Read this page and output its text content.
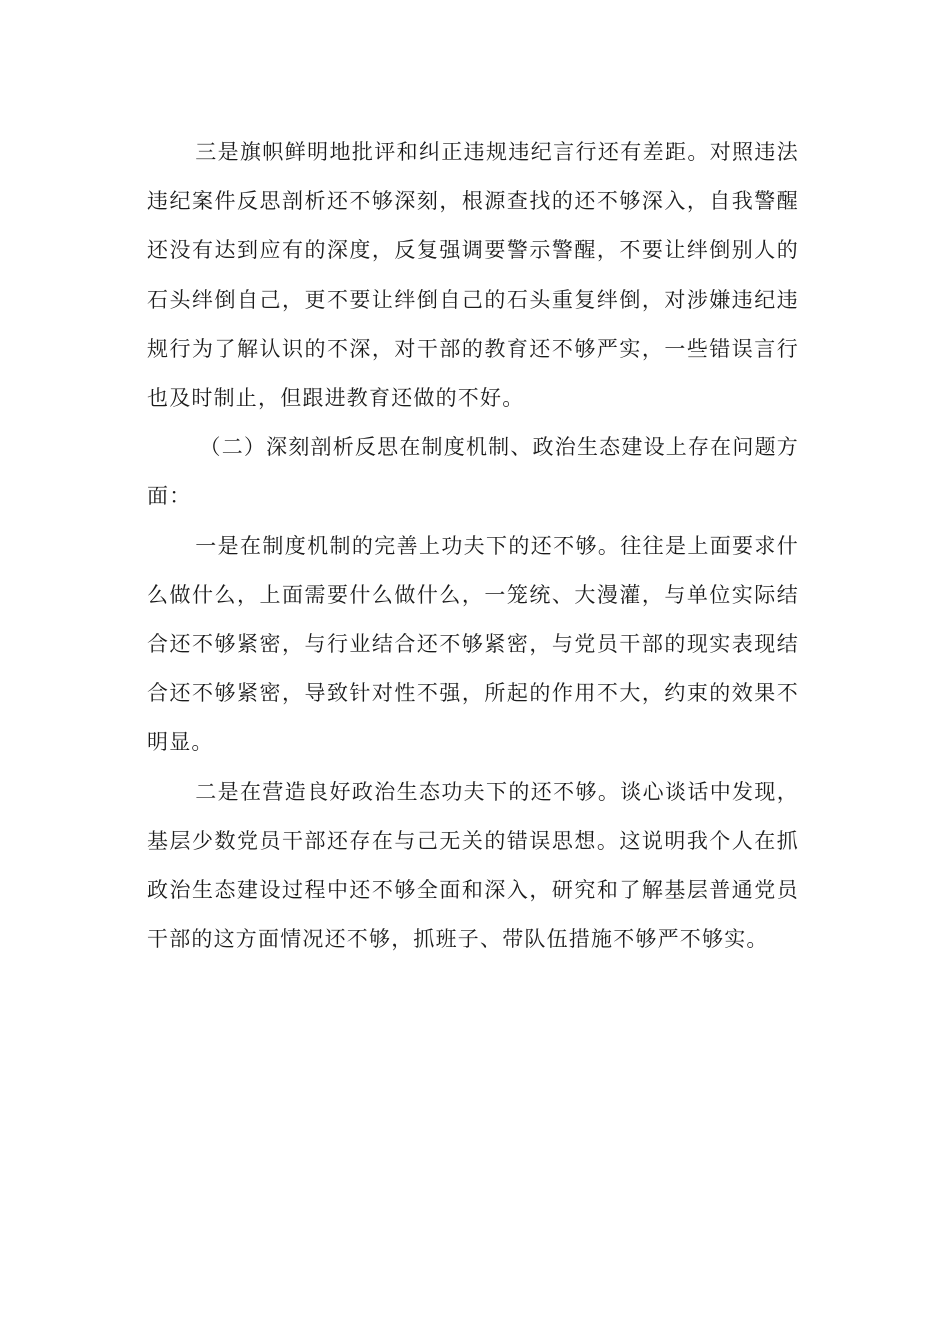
三是旗帜鲜明地批评和纠正违规违纪言行还有差距。对照违法违纪案件反思剖析还不够深刻，根源查找的还不够深入，自我警醒还没有达到应有的深度，反复强调要警示警醒，不要让绊倒别人的石头绊倒自己，更不要让绊倒自己的石头重复绊倒，对涉嫌违纪违规行为了解认识的不深，对干部的教育还不够严实，一些错误言行也及时制止，但跟进教育还做的不好。

（二）深刻剖析反思在制度机制、政治生态建设上存在问题方面：

一是在制度机制的完善上功夫下的还不够。往往是上面要求什么做什么，上面需要什么做什么，一笼统、大漫灌，与单位实际结合还不够紧密，与行业结合还不够紧密，与党员干部的现实表现结合还不够紧密，导致针对性不强，所起的作用不大，约束的效果不明显。

二是在营造良好政治生态功夫下的还不够。谈心谈话中发现，基层少数党员干部还存在与己无关的错误思想。这说明我个人在抓政治生态建设过程中还不够全面和深入，研究和了解基层普通党员干部的这方面情况还不够，抓班子、带队伍措施不够严不够实。
